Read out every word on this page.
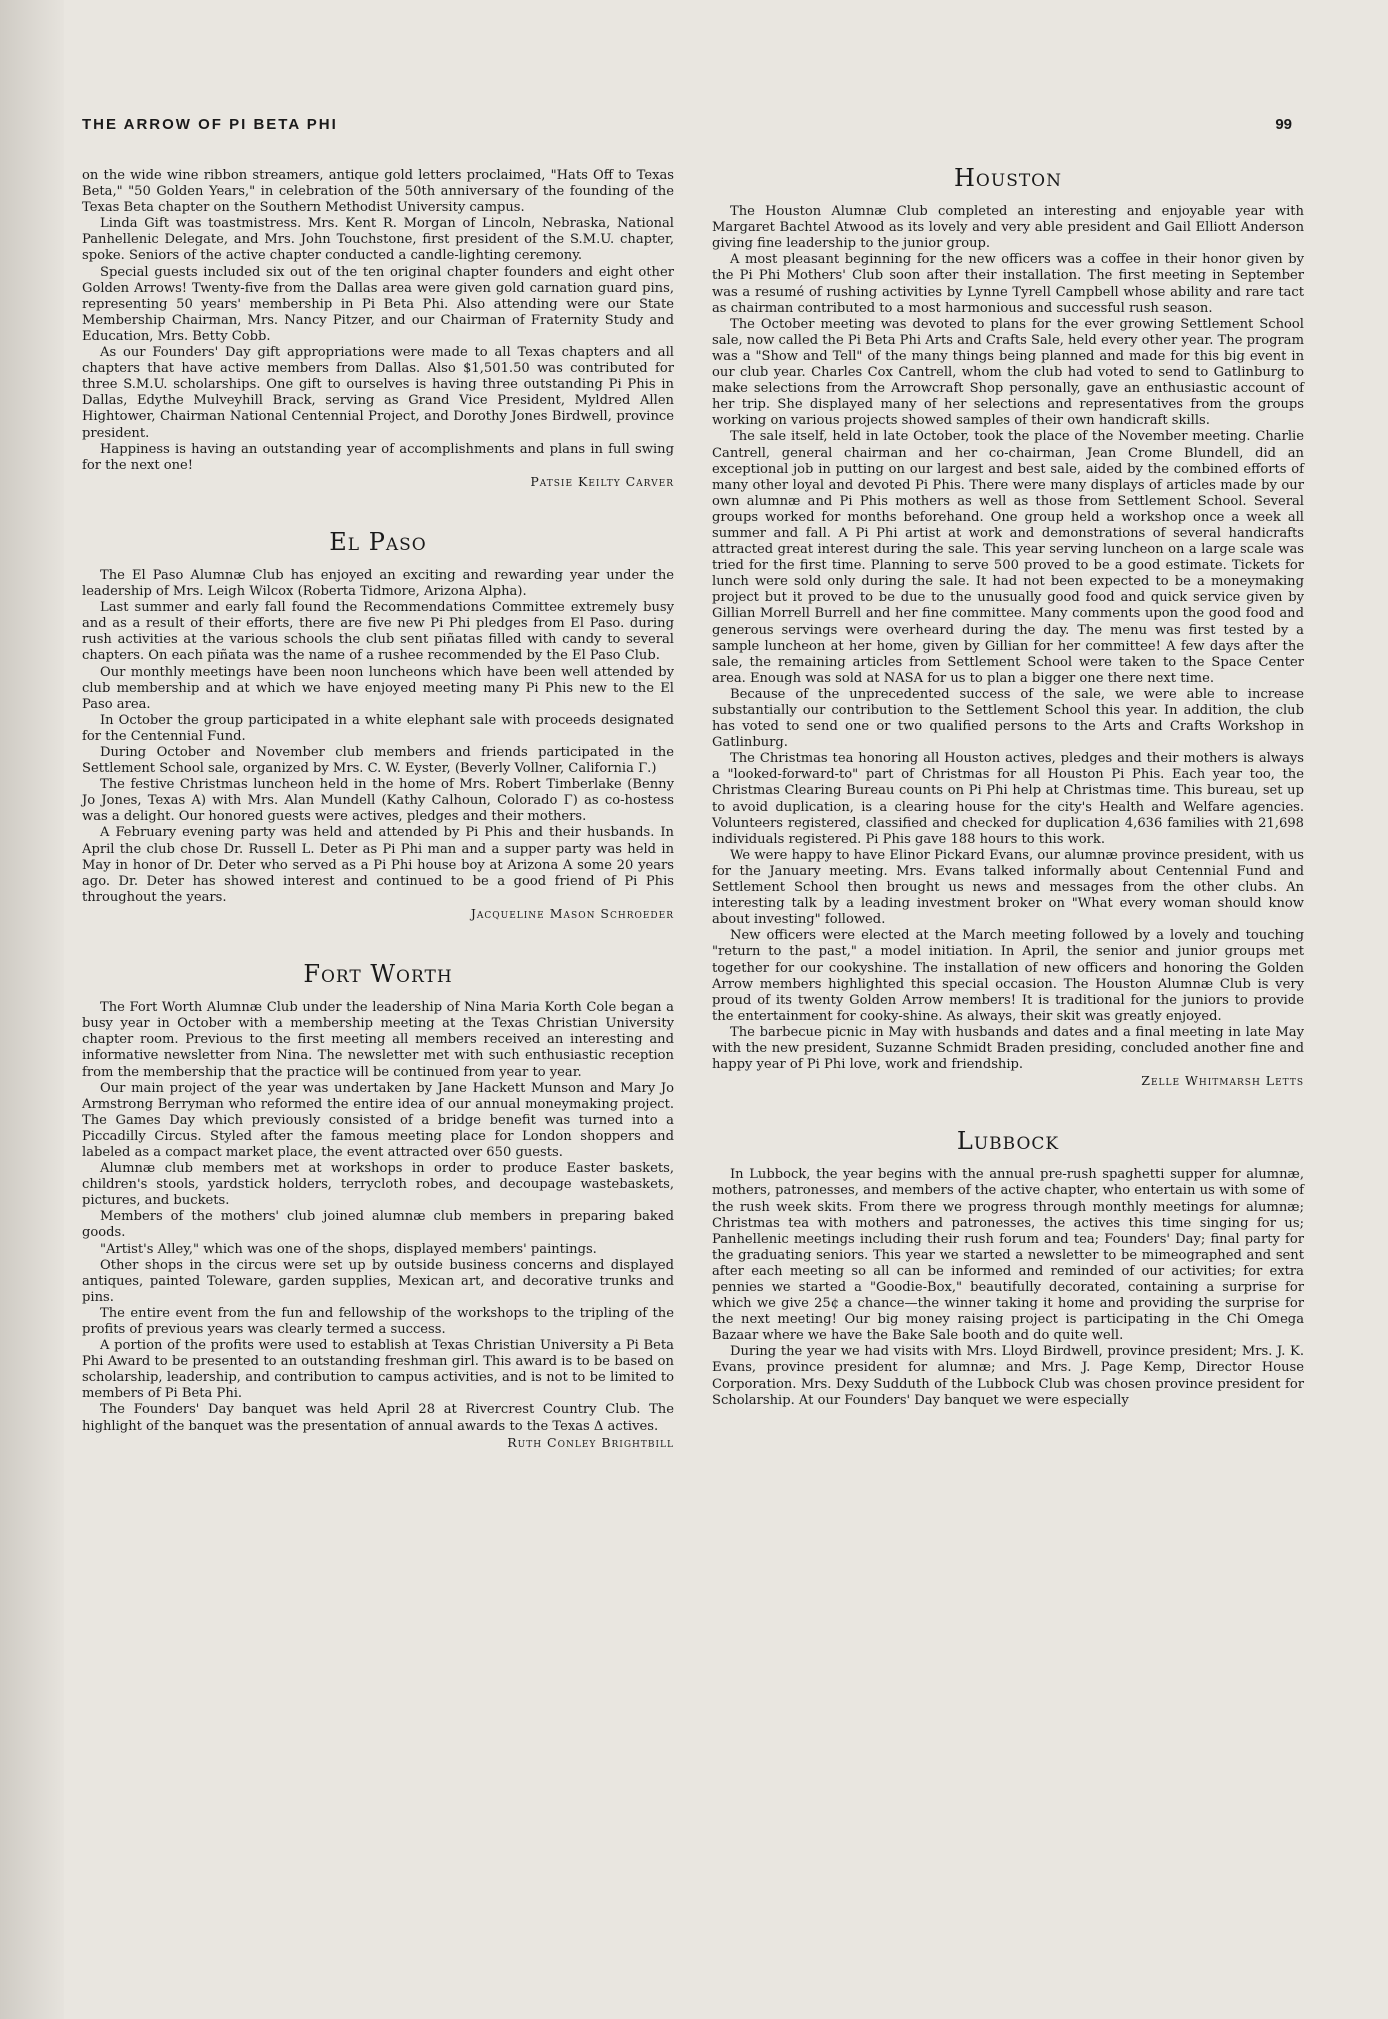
THE ARROW OF PI BETA PHI	99

on the wide wine ribbon streamers, antique gold letters proclaimed, "Hats Off to Texas Beta," "50 Golden Years," in celebration of the 50th anniversary of the founding of the Texas Beta chapter on the Southern Methodist University campus.

Linda Gift was toastmistress. Mrs. Kent R. Morgan of Lincoln, Nebraska, National Panhellenic Delegate, and Mrs. John Touchstone, first president of the S.M.U. chapter, spoke. Seniors of the active chapter conducted a candle-lighting ceremony.

Special guests included six out of the ten original chapter founders and eight other Golden Arrows! Twenty-five from the Dallas area were given gold carnation guard pins, representing 50 years' membership in Pi Beta Phi. Also attending were our State Membership Chairman, Mrs. Nancy Pitzer, and our Chairman of Fraternity Study and Education, Mrs. Betty Cobb.

As our Founders' Day gift appropriations were made to all Texas chapters and all chapters that have active members from Dallas. Also $1,501.50 was contributed for three S.M.U. scholarships. One gift to ourselves is having three outstanding Pi Phis in Dallas, Edythe Mulveyhill Brack, serving as Grand Vice President, Myldred Allen Hightower, Chairman National Centennial Project, and Dorothy Jones Birdwell, province president.

Happiness is having an outstanding year of accomplishments and plans in full swing for the next one!

Patsie Keilty Carver

El Paso

The El Paso Alumnæ Club has enjoyed an exciting and rewarding year under the leadership of Mrs. Leigh Wilcox (Roberta Tidmore, Arizona Alpha).

Last summer and early fall found the Recommendations Committee extremely busy and as a result of their efforts, there are five new Pi Phi pledges from El Paso. during rush activities at the various schools the club sent piñatas filled with candy to several chapters. On each piñata was the name of a rushee recommended by the El Paso Club.

Our monthly meetings have been noon luncheons which have been well attended by club membership and at which we have enjoyed meeting many Pi Phis new to the El Paso area.

In October the group participated in a white elephant sale with proceeds designated for the Centennial Fund.

During October and November club members and friends participated in the Settlement School sale, organized by Mrs. C. W. Eyster, (Beverly Vollner, California Γ.)

The festive Christmas luncheon held in the home of Mrs. Robert Timberlake (Benny Jo Jones, Texas A) with Mrs. Alan Mundell (Kathy Calhoun, Colorado Γ) as co-hostess was a delight. Our honored guests were actives, pledges and their mothers.

A February evening party was held and attended by Pi Phis and their husbands. In April the club chose Dr. Russell L. Deter as Pi Phi man and a supper party was held in May in honor of Dr. Deter who served as a Pi Phi house boy at Arizona A some 20 years ago. Dr. Deter has showed interest and continued to be a good friend of Pi Phis throughout the years.

Jacqueline Mason Schroeder

Fort Worth

The Fort Worth Alumnæ Club under the leadership of Nina Maria Korth Cole began a busy year in October with a membership meeting at the Texas Christian University chapter room. Previous to the first meeting all members received an interesting and informative newsletter from Nina. The newsletter met with such enthusiastic reception from the membership that the practice will be continued from year to year.

Our main project of the year was undertaken by Jane Hackett Munson and Mary Jo Armstrong Berryman who reformed the entire idea of our annual moneymaking project. The Games Day which previously consisted of a bridge benefit was turned into a Piccadilly Circus. Styled after the famous meeting place for London shoppers and labeled as a compact market place, the event attracted over 650 guests.

Alumnæ club members met at workshops in order to produce Easter baskets, children's stools, yardstick holders, terrycloth robes, and decoupage wastebaskets, pictures, and buckets.

Members of the mothers' club joined alumnæ club members in preparing baked goods.

"Artist's Alley," which was one of the shops, displayed members' paintings.

Other shops in the circus were set up by outside business concerns and displayed antiques, painted Toleware, garden supplies, Mexican art, and decorative trunks and pins.

The entire event from the fun and fellowship of the workshops to the tripling of the profits of previous years was clearly termed a success.

A portion of the profits were used to establish at Texas Christian University a Pi Beta Phi Award to be presented to an outstanding freshman girl. This award is to be based on scholarship, leadership, and contribution to campus activities, and is not to be limited to members of Pi Beta Phi.

The Founders' Day banquet was held April 28 at Rivercrest Country Club. The highlight of the banquet was the presentation of annual awards to the Texas Δ actives.

Ruth Conley Brightbill

Houston

The Houston Alumnæ Club completed an interesting and enjoyable year with Margaret Bachtel Atwood as its lovely and very able president and Gail Elliott Anderson giving fine leadership to the junior group.

A most pleasant beginning for the new officers was a coffee in their honor given by the Pi Phi Mothers' Club soon after their installation. The first meeting in September was a resumé of rushing activities by Lynne Tyrell Campbell whose ability and rare tact as chairman contributed to a most harmonious and successful rush season.

The October meeting was devoted to plans for the ever growing Settlement School sale, now called the Pi Beta Phi Arts and Crafts Sale, held every other year. The program was a "Show and Tell" of the many things being planned and made for this big event in our club year. Charles Cox Cantrell, whom the club had voted to send to Gatlinburg to make selections from the Arrowcraft Shop personally, gave an enthusiastic account of her trip. She displayed many of her selections and representatives from the groups working on various projects showed samples of their own handicraft skills.

The sale itself, held in late October, took the place of the November meeting. Charlie Cantrell, general chairman and her co-chairman, Jean Crome Blundell, did an exceptional job in putting on our largest and best sale, aided by the combined efforts of many other loyal and devoted Pi Phis. There were many displays of articles made by our own alumnæ and Pi Phis mothers as well as those from Settlement School. Several groups worked for months beforehand. One group held a workshop once a week all summer and fall. A Pi Phi artist at work and demonstrations of several handicrafts attracted great interest during the sale. This year serving luncheon on a large scale was tried for the first time. Planning to serve 500 proved to be a good estimate. Tickets for lunch were sold only during the sale. It had not been expected to be a moneymaking project but it proved to be due to the unusually good food and quick service given by Gillian Morrell Burrell and her fine committee. Many comments upon the good food and generous servings were overheard during the day. The menu was first tested by a sample luncheon at her home, given by Gillian for her committee! A few days after the sale, the remaining articles from Settlement School were taken to the Space Center area. Enough was sold at NASA for us to plan a bigger one there next time.

Because of the unprecedented success of the sale, we were able to increase substantially our contribution to the Settlement School this year. In addition, the club has voted to send one or two qualified persons to the Arts and Crafts Workshop in Gatlinburg.

The Christmas tea honoring all Houston actives, pledges and their mothers is always a "looked-forward-to" part of Christmas for all Houston Pi Phis. Each year too, the Christmas Clearing Bureau counts on Pi Phi help at Christmas time. This bureau, set up to avoid duplication, is a clearing house for the city's Health and Welfare agencies. Volunteers registered, classified and checked for duplication 4,636 families with 21,698 individuals registered. Pi Phis gave 188 hours to this work.

We were happy to have Elinor Pickard Evans, our alumnæ province president, with us for the January meeting. Mrs. Evans talked informally about Centennial Fund and Settlement School then brought us news and messages from the other clubs. An interesting talk by a leading investment broker on "What every woman should know about investing" followed.

New officers were elected at the March meeting followed by a lovely and touching "return to the past," a model initiation. In April, the senior and junior groups met together for our cookyshine. The installation of new officers and honoring the Golden Arrow members highlighted this special occasion. The Houston Alumnæ Club is very proud of its twenty Golden Arrow members! It is traditional for the juniors to provide the entertainment for cooky-shine. As always, their skit was greatly enjoyed.

The barbecue picnic in May with husbands and dates and a final meeting in late May with the new president, Suzanne Schmidt Braden presiding, concluded another fine and happy year of Pi Phi love, work and friendship.

Zelle Whitmarsh Letts

Lubbock

In Lubbock, the year begins with the annual pre-rush spaghetti supper for alumnæ, mothers, patronesses, and members of the active chapter, who entertain us with some of the rush week skits. From there we progress through monthly meetings for alumnæ; Christmas tea with mothers and patronesses, the actives this time singing for us; Panhellenic meetings including their rush forum and tea; Founders' Day; final party for the graduating seniors. This year we started a newsletter to be mimeographed and sent after each meeting so all can be informed and reminded of our activities; for extra pennies we started a "Goodie-Box," beautifully decorated, containing a surprise for which we give 25¢ a chance—the winner taking it home and providing the surprise for the next meeting! Our big money raising project is participating in the Chi Omega Bazaar where we have the Bake Sale booth and do quite well.

During the year we had visits with Mrs. Lloyd Birdwell, province president; Mrs. J. K. Evans, province president for alumnæ; and Mrs. J. Page Kemp, Director House Corporation. Mrs. Dexy Sudduth of the Lubbock Club was chosen province president for Scholarship. At our Founders' Day banquet we were especially
